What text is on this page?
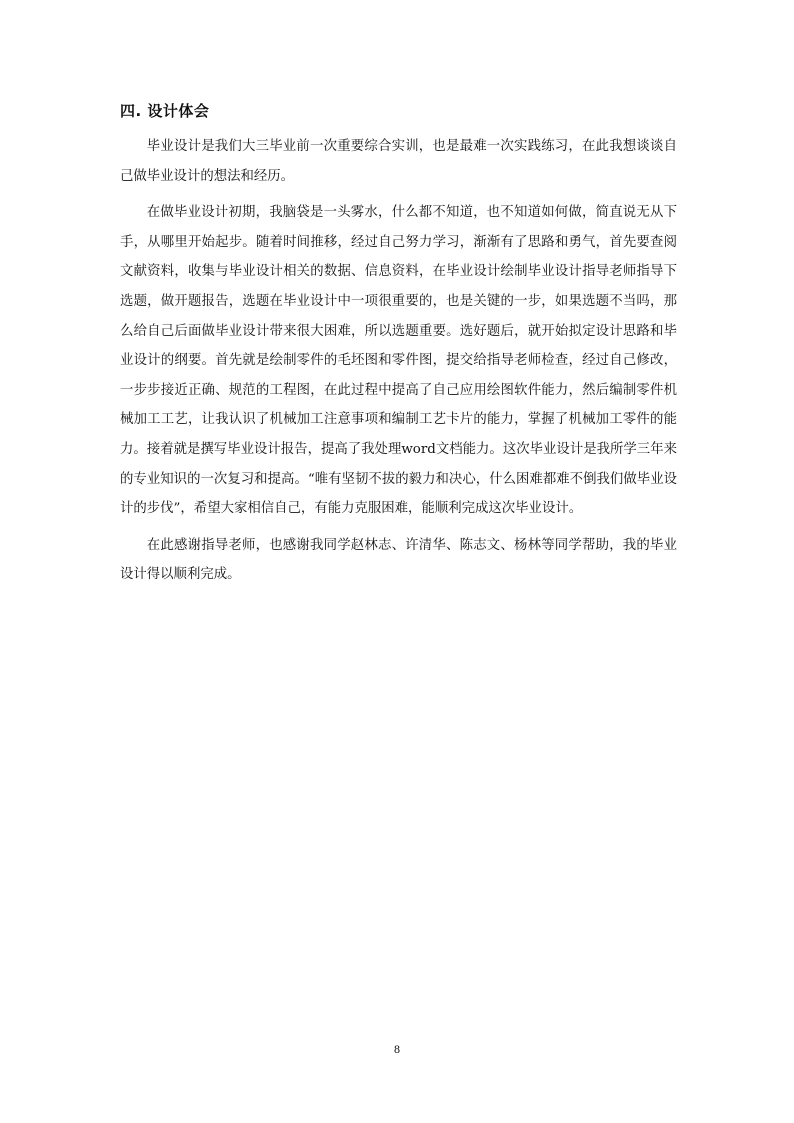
四. 设计体会

毕业设计是我们大三毕业前一次重要综合实训，也是最难一次实践练习，在此我想谈谈自己做毕业设计的想法和经历。

在做毕业设计初期，我脑袋是一头雾水，什么都不知道，也不知道如何做，简直说无从下手，从哪里开始起步。随着时间推移，经过自己努力学习，渐渐有了思路和勇气，首先要查阅文献资料，收集与毕业设计相关的数据、信息资料，在毕业设计绘制毕业设计指导老师指导下选题，做开题报告，选题在毕业设计中一项很重要的，也是关键的一步，如果选题不当吗，那么给自己后面做毕业设计带来很大困难，所以选题重要。选好题后，就开始拟定设计思路和毕业设计的纲要。首先就是绘制零件的毛坯图和零件图，提交给指导老师检查，经过自己修改，一步步接近正确、规范的工程图，在此过程中提高了自己应用绘图软件能力，然后编制零件机械加工工艺，让我认识了机械加工注意事项和编制工艺卡片的能力，掌握了机械加工零件的能力。接着就是撰写毕业设计报告，提高了我处理word文档能力。这次毕业设计是我所学三年来的专业知识的一次复习和提高。“唯有坚韧不拔的毅力和决心，什么困难都难不倒我们做毕业设计的步伐”，希望大家相信自己，有能力克服困难，能顺利完成这次毕业设计。

在此感谢指导老师，也感谢我同学赵林志、许清华、陈志文、杨林等同学帮助，我的毕业设计得以顺利完成。

8
